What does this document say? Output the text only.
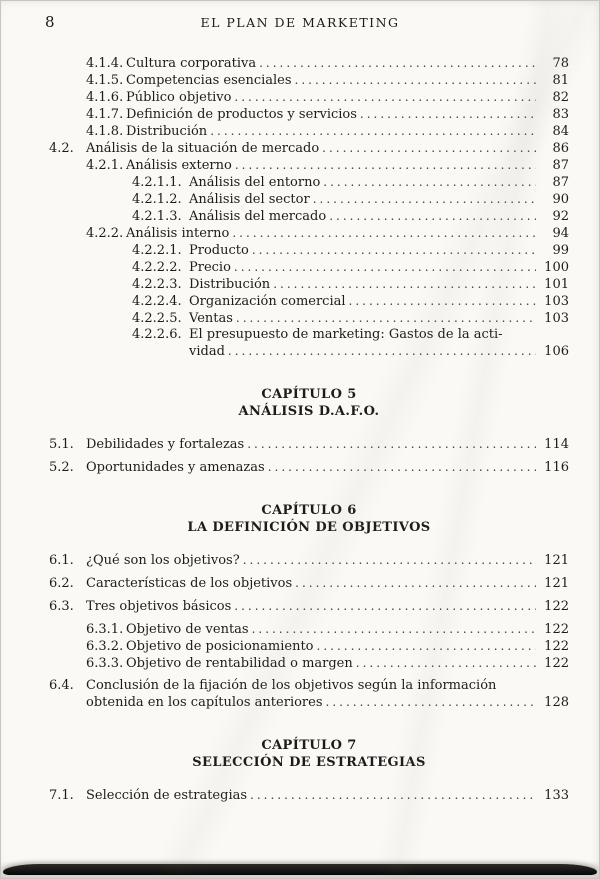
8	EL PLAN DE MARKETING
4.1.4. Cultura corporativa .....	78
4.1.5. Competencias esenciales .....	81
4.1.6. Público objetivo .....	82
4.1.7. Definición de productos y servicios .....	83
4.1.8. Distribución .....	84
4.2. Análisis de la situación de mercado .....	86
4.2.1. Análisis externo .....	87
4.2.1.1. Análisis del entorno .....	87
4.2.1.2. Análisis del sector .....	90
4.2.1.3. Análisis del mercado .....	92
4.2.2. Análisis interno .....	94
4.2.2.1. Producto .....	99
4.2.2.2. Precio .....	100
4.2.2.3. Distribución .....	101
4.2.2.4. Organización comercial .....	103
4.2.2.5. Ventas .....	103
4.2.2.6. El presupuesto de marketing: Gastos de la acti-
vidad .....	106
CAPÍTULO 5
ANÁLISIS D.A.F.O.
5.1. Debilidades y fortalezas .....	114
5.2. Oportunidades y amenazas .....	116
CAPÍTULO 6
LA DEFINICIÓN DE OBJETIVOS
6.1. ¿Qué son los objetivos? .....	121
6.2. Características de los objetivos .....	121
6.3. Tres objetivos básicos .....	122
6.3.1. Objetivo de ventas .....	122
6.3.2. Objetivo de posicionamiento .....	122
6.3.3. Objetivo de rentabilidad o margen .....	122
6.4. Conclusión de la fijación de los objetivos según la información
obtenida en los capítulos anteriores .....	128
CAPÍTULO 7
SELECCIÓN DE ESTRATEGIAS
7.1. Selección de estrategias .....	133
